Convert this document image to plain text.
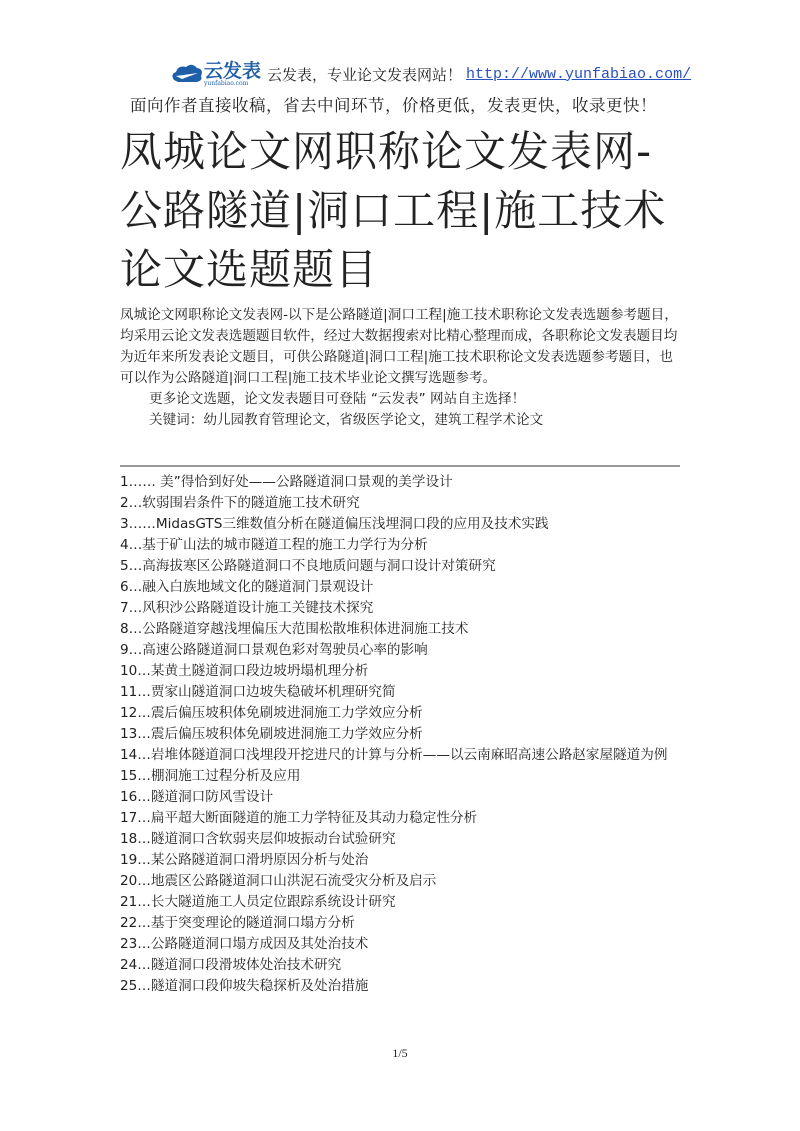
云发表
yunfabiao.com	云发表，专业论文发表网站！ http://www.yunfabiao.com/
面向作者直接收稿，省去中间环节，价格更低，发表更快，收录更快！
凤城论文网职称论文发表网-公路隧道|洞口工程|施工技术论文选题题目

凤城论文网职称论文发表网-以下是公路隧道|洞口工程|施工技术职称论文发表选题参考题目，均采用云论文发表选题题目软件，经过大数据搜索对比精心整理而成，各职称论文发表题目均为近年来所发表论文题目，可供公路隧道|洞口工程|施工技术职称论文发表选题参考题目，也可以作为公路隧道|洞口工程|施工技术毕业论文撰写选题参考。

更多论文选题，论文发表题目可登陆 “云发表” 网站自主选择！

关键词：幼儿园教育管理论文，省级医学论文，建筑工程学术论文

1…… 美”得恰到好处——公路隧道洞口景观的美学设计
2…软弱围岩条件下的隧道施工技术研究
3……MidasGTS三维数值分析在隧道偏压浅埋洞口段的应用及技术实践
4…基于矿山法的城市隧道工程的施工力学行为分析
5…高海拔寒区公路隧道洞口不良地质问题与洞口设计对策研究
6…融入白族地域文化的隧道洞门景观设计
7…风积沙公路隧道设计施工关键技术探究
8…公路隧道穿越浅埋偏压大范围松散堆积体进洞施工技术
9…高速公路隧道洞口景观色彩对驾驶员心率的影响
10…某黄土隧道洞口段边坡坍塌机理分析
11…贾家山隧道洞口边坡失稳破坏机理研究简
12…震后偏压坡积体免刷坡进洞施工力学效应分析
13…震后偏压坡积体免刷坡进洞施工力学效应分析
14…岩堆体隧道洞口浅埋段开挖进尺的计算与分析——以云南麻昭高速公路赵家屋隧道为例
15…棚洞施工过程分析及应用
16…隧道洞口防风雪设计
17…扁平超大断面隧道的施工力学特征及其动力稳定性分析
18…隧道洞口含软弱夹层仰坡振动台试验研究
19…某公路隧道洞口滑坍原因分析与处治
20…地震区公路隧道洞口山洪泥石流受灾分析及启示
21…长大隧道施工人员定位跟踪系统设计研究
22…基于突变理论的隧道洞口塌方分析
23…公路隧道洞口塌方成因及其处治技术
24…隧道洞口段滑坡体处治技术研究
25…隧道洞口段仰坡失稳探析及处治措施
1/5
